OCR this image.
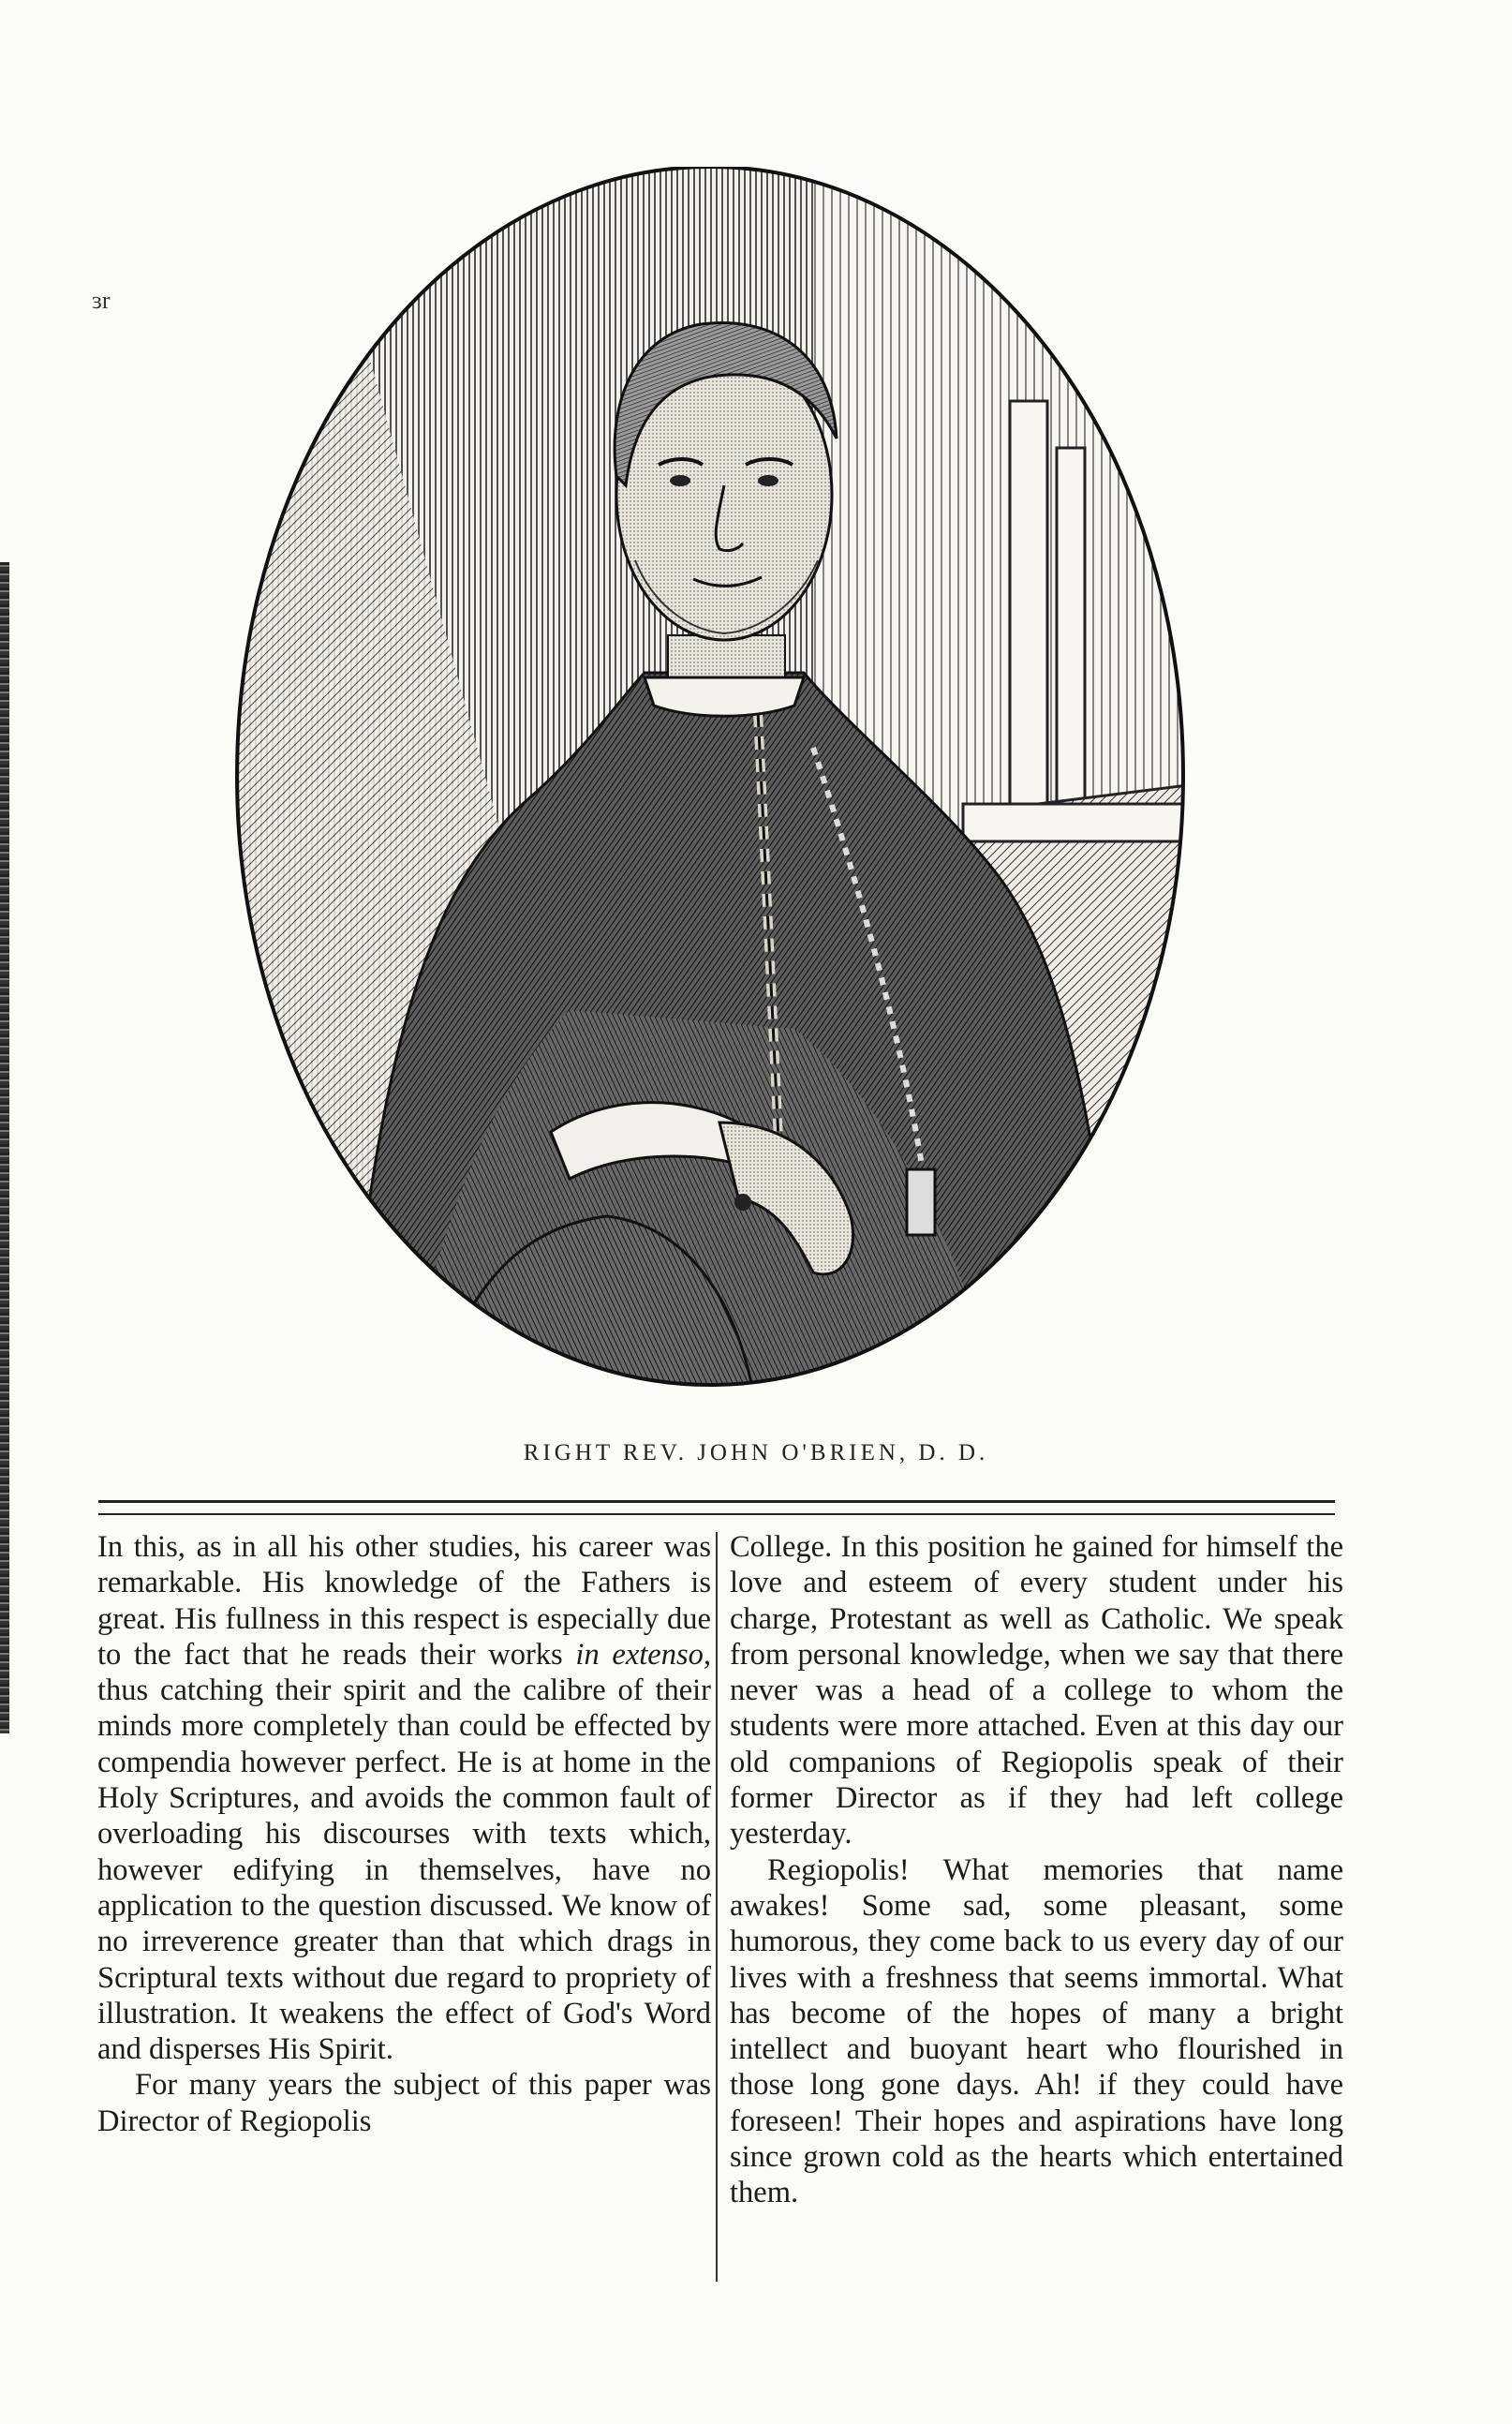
ɜr
RIGHT REV. JOHN O'BRIEN, D. D.

In this, as in all his other studies, his career was remarkable. His knowledge of the Fathers is great. His fullness in this respect is especially due to the fact that he reads their works in extenso, thus catching their spirit and the calibre of their minds more completely than could be effected by compendia however perfect. He is at home in the Holy Scriptures, and avoids the common fault of overloading his discourses with texts which, however edifying in themselves, have no application to the question discussed. We know of no irreverence greater than that which drags in Scriptural texts without due regard to propriety of illustration. It weakens the effect of God's Word and disperses His Spirit.

For many years the subject of this paper was Director of Regiopolis

College. In this position he gained for himself the love and esteem of every student under his charge, Protestant as well as Catholic. We speak from personal knowledge, when we say that there never was a head of a college to whom the students were more attached. Even at this day our old companions of Regiopolis speak of their former Director as if they had left college yesterday.

Regiopolis! What memories that name awakes! Some sad, some pleasant, some humorous, they come back to us every day of our lives with a freshness that seems immortal. What has become of the hopes of many a bright intellect and buoyant heart who flourished in those long gone days. Ah! if they could have foreseen! Their hopes and aspirations have long since grown cold as the hearts which entertained them.
